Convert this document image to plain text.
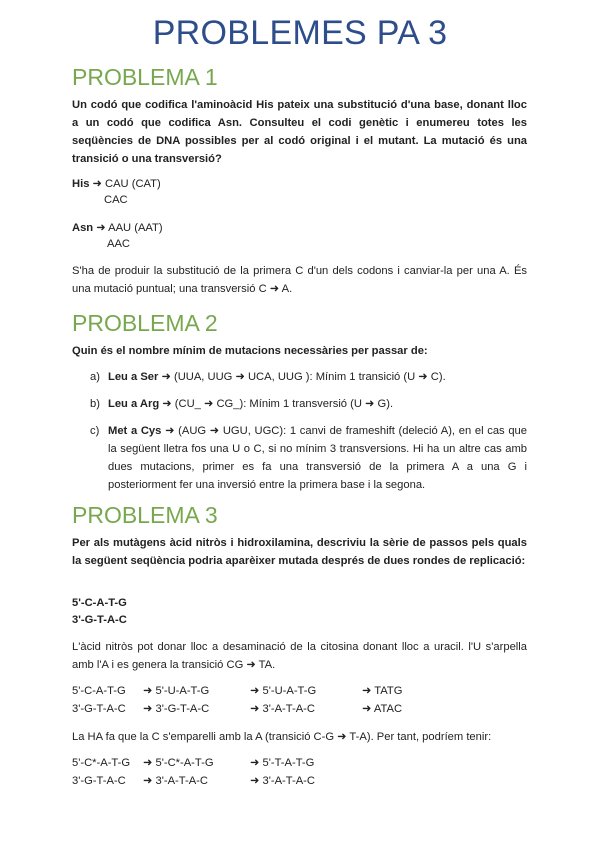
PROBLEMES PA 3
PROBLEMA 1
Un codó que codifica l'aminoàcid His pateix una substitució d'una base, donant lloc a un codó que codifica Asn. Consulteu el codi genètic i enumereu totes les seqüències de DNA possibles per al codó original i el mutant. La mutació és una transició o una transversió?
His ➜ CAU (CAT)
CAC
Asn ➜ AAU (AAT)
AAC
S'ha de produir la substitució de la primera C d'un dels codons i canviar-la per una A. És una mutació puntual; una transversió C ➜ A.
PROBLEMA 2
Quin és el nombre mínim de mutacions necessàries per passar de:
a) Leu a Ser ➜ (UUA, UUG ➜ UCA, UUG ): Mínim 1 transició (U ➜ C).
b) Leu a Arg ➜ (CU_ ➜ CG_): Mínim 1 transversió (U ➜ G).
c) Met a Cys ➜ (AUG ➜ UGU, UGC): 1 canvi de frameshift (deleció A), en el cas que la següent lletra fos una U o C, si no mínim 3 transversions. Hi ha un altre cas amb dues mutacions, primer es fa una transversió de la primera A a una G i posteriorment fer una inversió entre la primera base i la segona.
PROBLEMA 3
Per als mutàgens àcid nitròs i hidroxilamina, descriviu la sèrie de passos pels quals la següent seqüència podria aparèixer mutada després de dues rondes de replicació:
5'-C-A-T-G
3'-G-T-A-C
L'àcid nitròs pot donar lloc a desaminació de la citosina donant lloc a uracil. l'U s'arpella amb l'A i es genera la transició CG ➜ TA.
5'-C-A-T-G ➜ 5'-U-A-T-G	➜ 5'-U-A-T-G	➜ TATG
3'-G-T-A-C ➜ 3'-G-T-A-C	➜ 3'-A-T-A-C	➜ ATAC
La HA fa que la C s'emparelli amb la A (transició C-G ➜ T-A). Per tant, podríem tenir:
5'-C*-A-T-G ➜ 5'-C*-A-T-G	➜ 5'-T-A-T-G
3'-G-T-A-C ➜ 3'-A-T-A-C	➜ 3'-A-T-A-C
